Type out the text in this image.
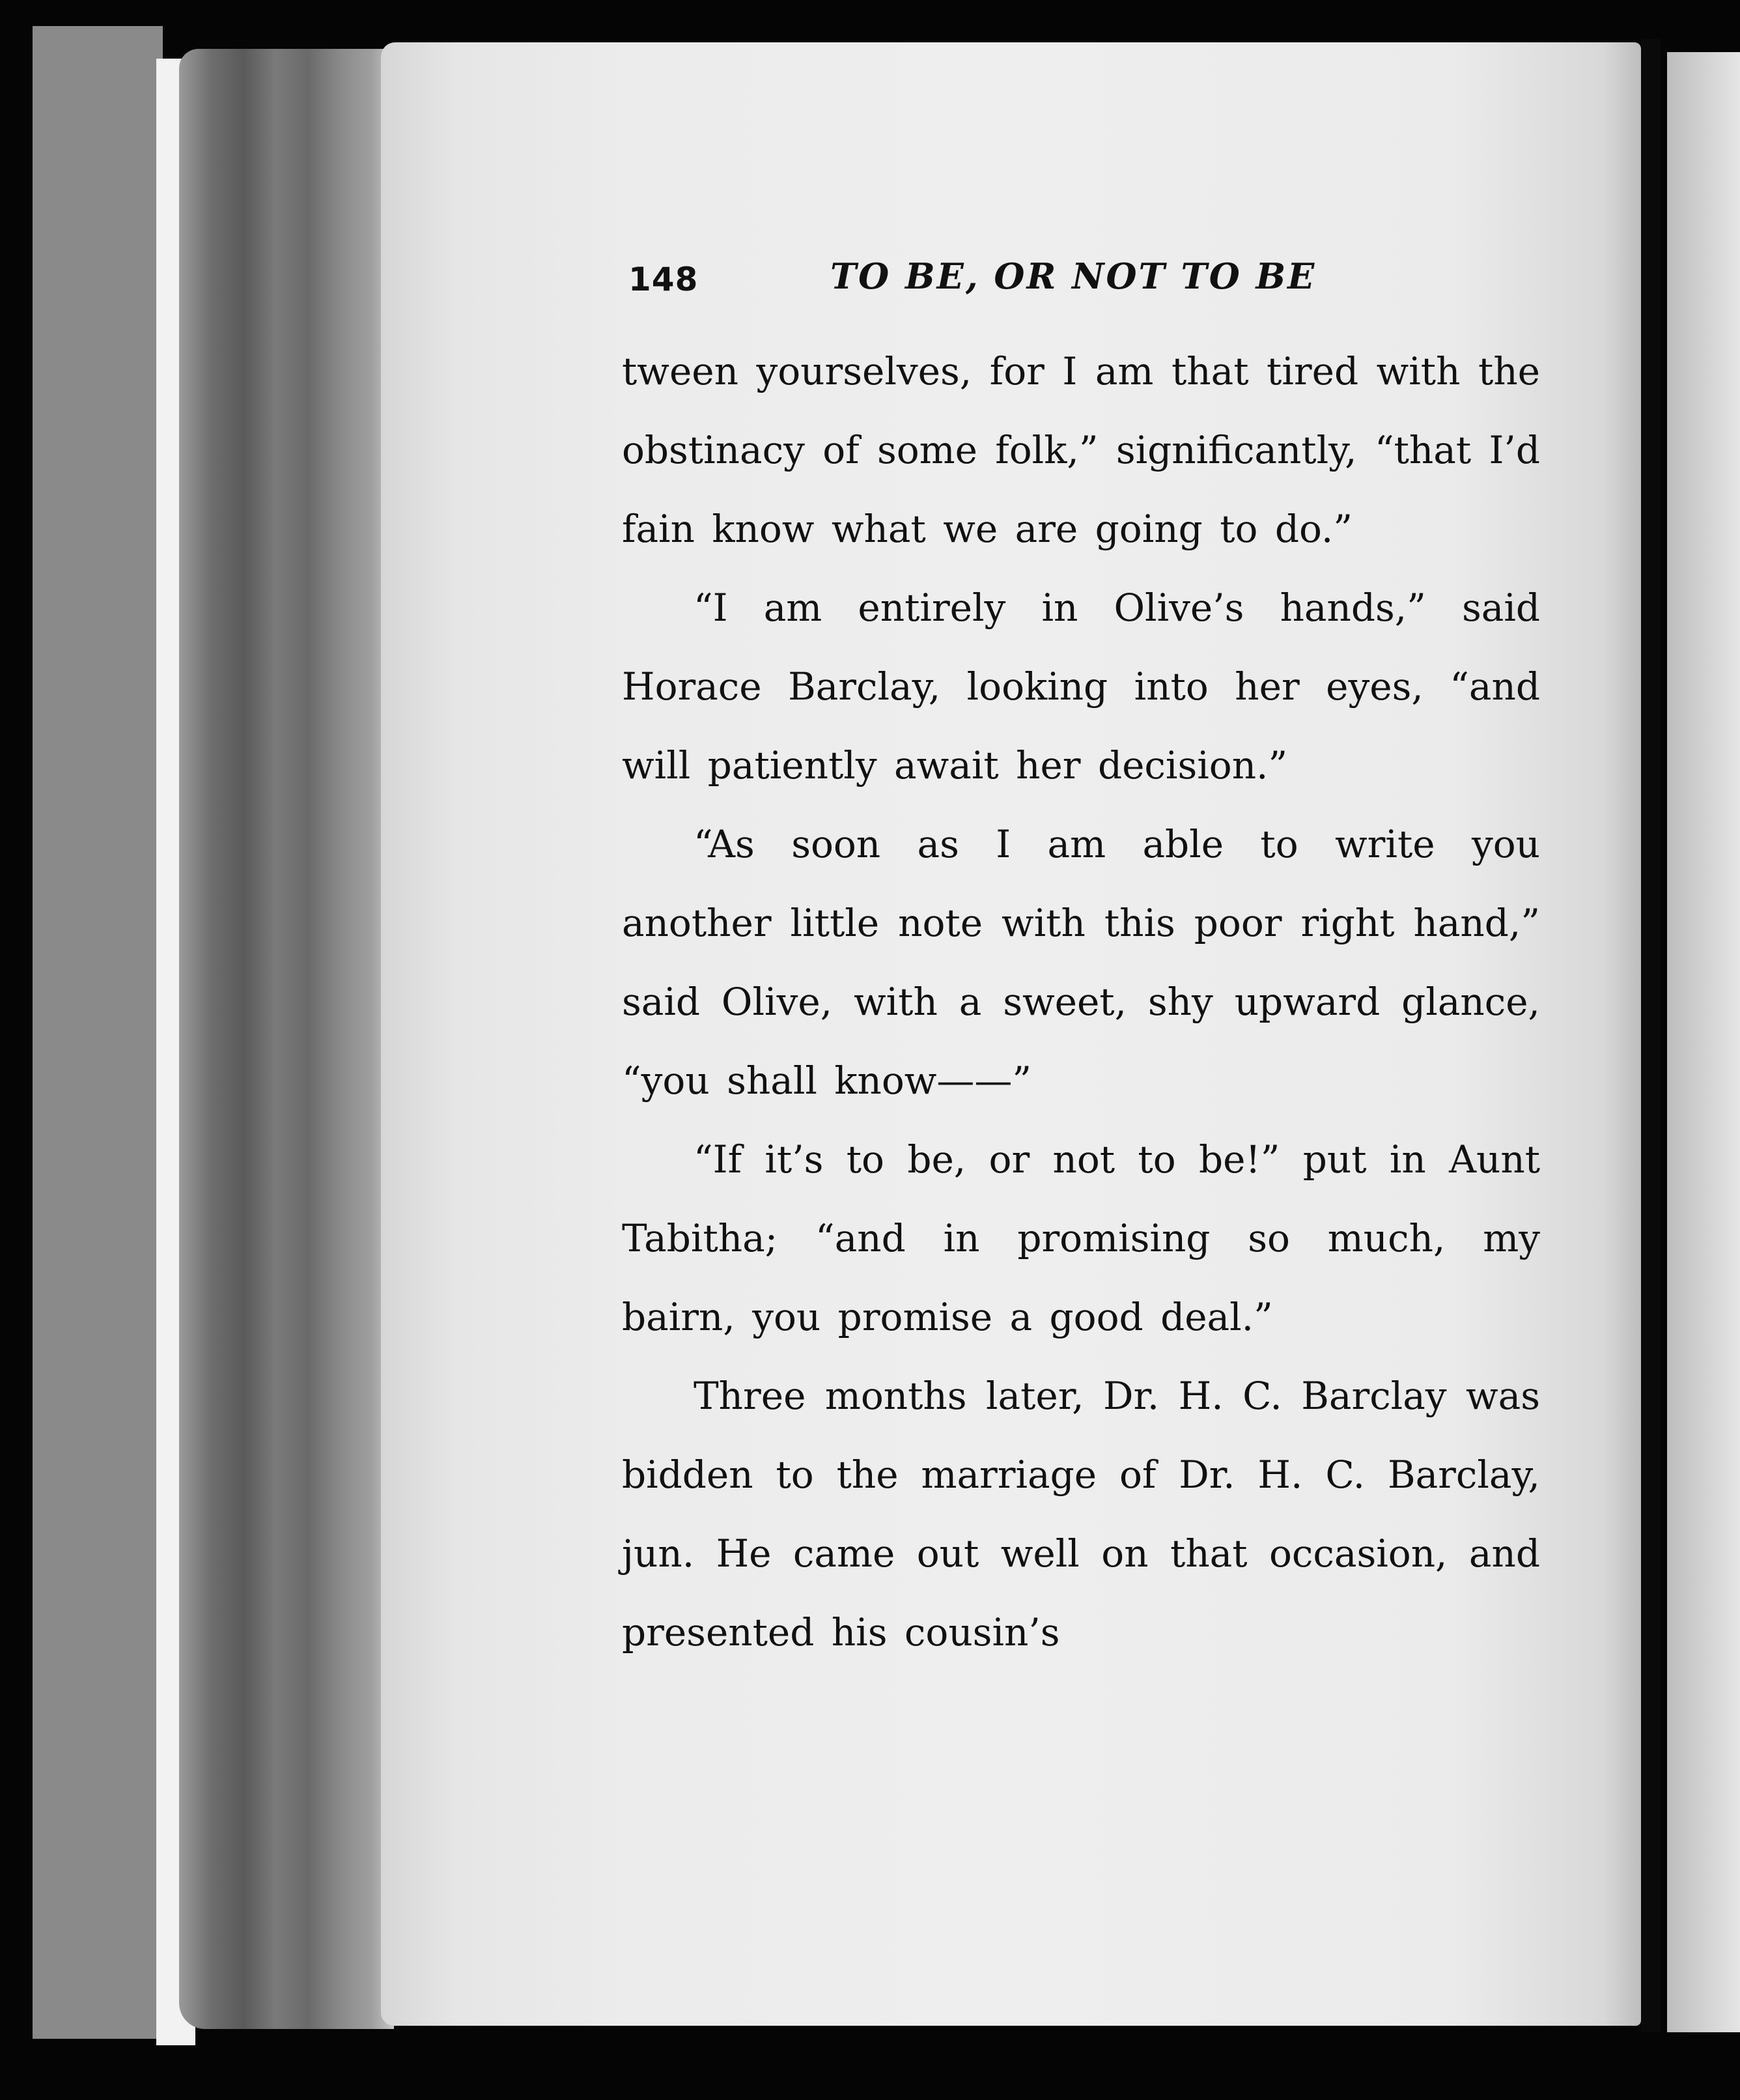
148	TO BE, OR NOT TO BE

tween yourselves, for I am that tired with the obstinacy of some folk,” significantly, “that I’d fain know what we are going to do.”

“I am entirely in Olive’s hands,” said Horace Barclay, looking into her eyes, “and will patiently await her decision.”

“As soon as I am able to write you another little note with this poor right hand,” said Olive, with a sweet, shy upward glance, “you shall know——”

“If it’s to be, or not to be!” put in Aunt Tabitha; “and in promising so much, my bairn, you promise a good deal.”

Three months later, Dr. H. C. Barclay was bidden to the marriage of Dr. H. C. Barclay, jun. He came out well on that occasion, and presented his cousin’s
